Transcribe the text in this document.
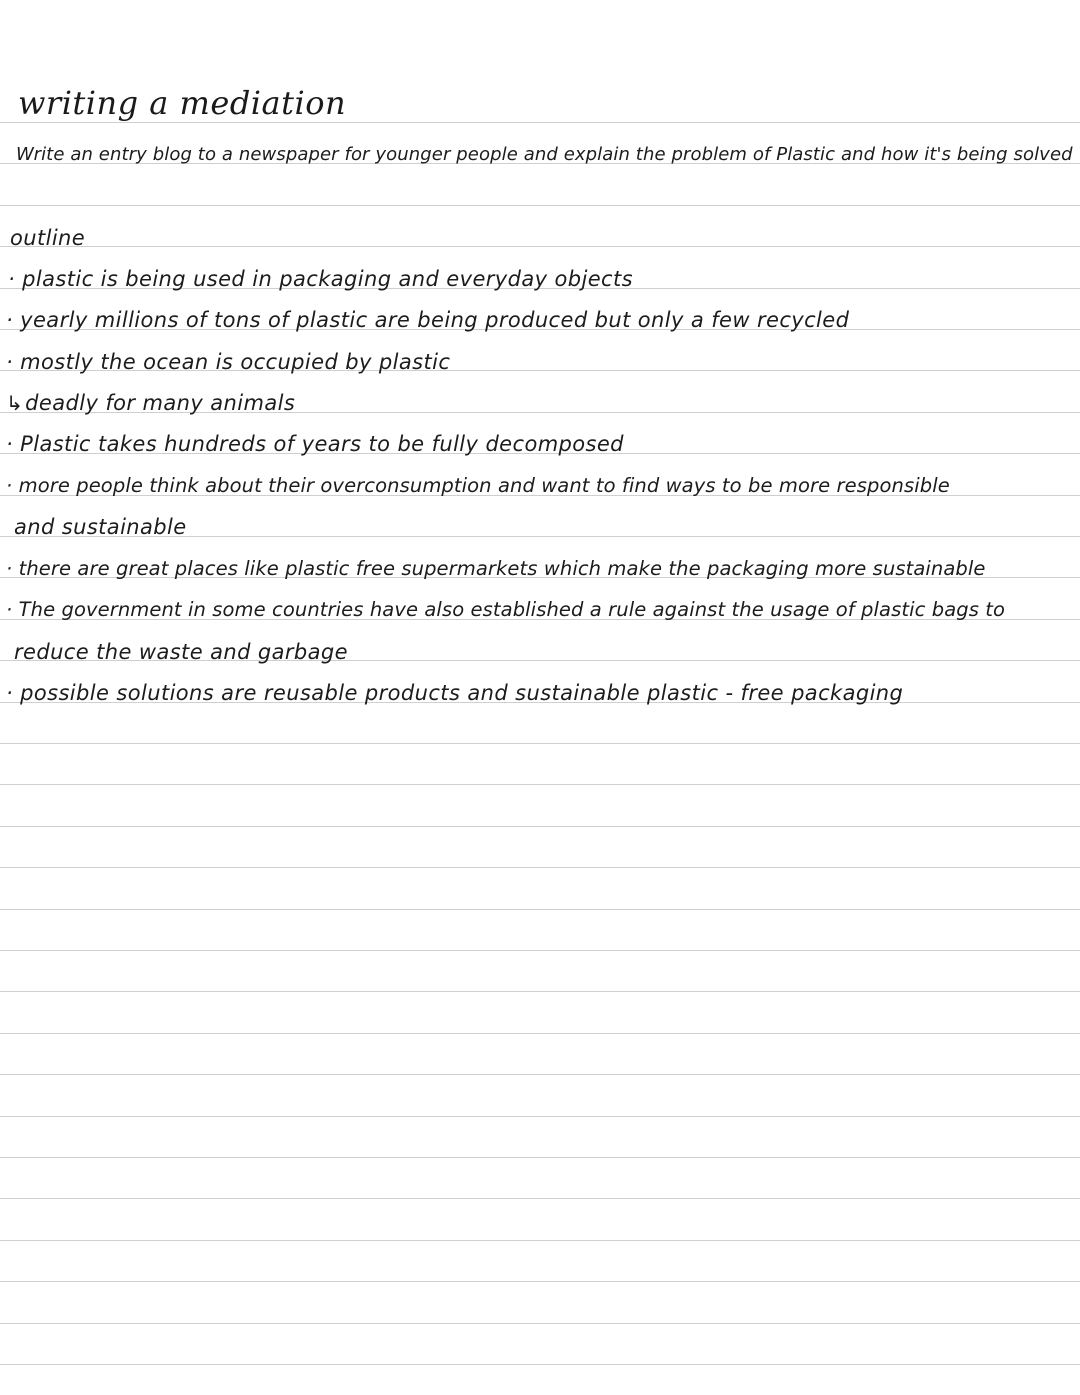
writing a mediation
Write an entry blog to a newspaper for younger people and explain the problem of Plastic and how it's being solved
outline
· plastic is being used in packaging and everyday objects
· yearly millions of tons of plastic are being produced but only a few recycled
· mostly the ocean is occupied by plastic
↳deadly for many animals
· Plastic takes hundreds of years to be fully decomposed
· more people think about their overconsumption and want to find ways to be more responsible
and sustainable
· there are great places like plastic free supermarkets which make the packaging more sustainable
· The government in some countries have also established a rule against the usage of plastic bags to
reduce the waste and garbage
· possible solutions are reusable products and sustainable plastic - free packaging
